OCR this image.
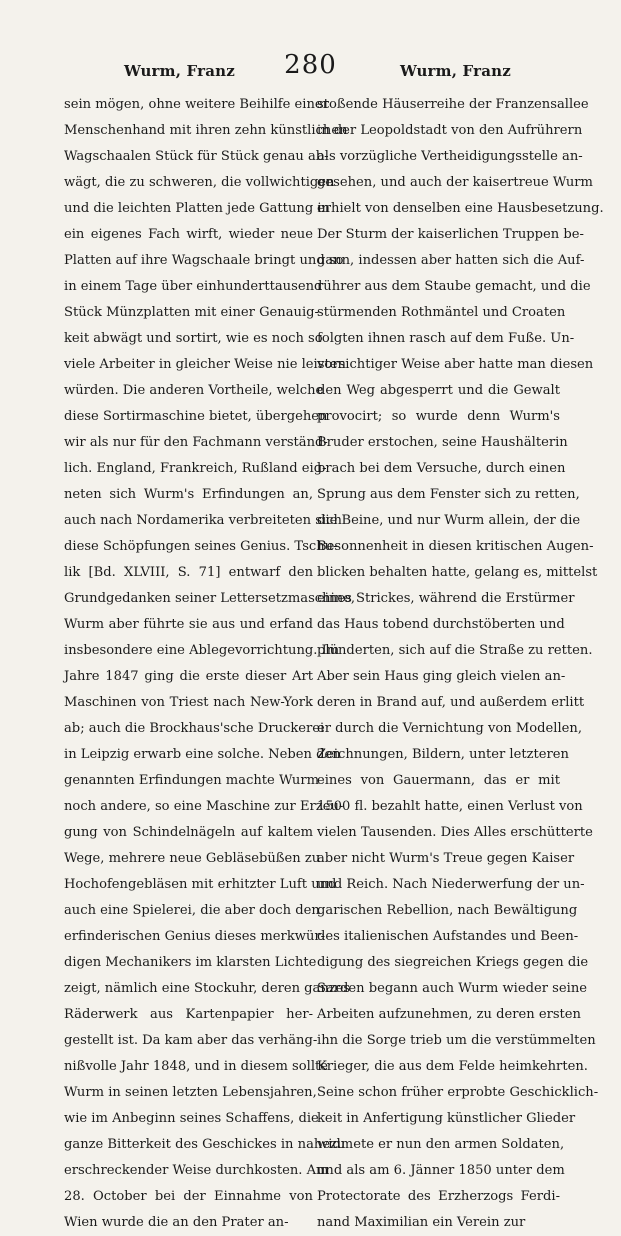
Wurm, Franz	280	Wurm, Franz
sein mögen, ohne weitere Beihilfe einer
Menschenhand mit ihren zehn künstlichen
Wagschaalen Stück für Stück genau ab-
wägt, die zu schweren, die vollwichtigen
und die leichten Platten jede Gattung in
ein eigenes Fach wirft, wieder neue
Platten auf ihre Wagschaale bringt und so
in einem Tage über einhunderttausend
Stück Münzplatten mit einer Genauig-
keit abwägt und sortirt, wie es noch so
viele Arbeiter in gleicher Weise nie leisten
würden. Die anderen Vortheile, welche
diese Sortirmaschine bietet, übergehen
wir als nur für den Fachmann verständ-
lich. England, Frankreich, Rußland eig-
neten sich Wurm's Erfindungen an,
auch nach Nordamerika verbreiteten sich
diese Schöpfungen seines Genius. Tschu-
lik [Bd. XLVIII, S. 71] entwarf den
Grundgedanken seiner Lettersetzmaschine,
Wurm aber führte sie aus und erfand
insbesondere eine Ablegevorrichtung. Im
Jahre 1847 ging die erste dieser Art
Maschinen von Triest nach New-York
ab; auch die Brockhaus'sche Druckerei
in Leipzig erwarb eine solche. Neben den
genannten Erfindungen machte Wurm
noch andere, so eine Maschine zur Erzeu-
gung von Schindelnägeln auf kaltem
Wege, mehrere neue Gebläsebüßen zu
Hochofengebläsen mit erhitzter Luft und
auch eine Spielerei, die aber doch den
erfinderischen Genius dieses merkwür-
digen Mechanikers im klarsten Lichte
zeigt, nämlich eine Stockuhr, deren ganzes
Räderwerk aus Kartenpapier her-
gestellt ist. Da kam aber das verhäng-
nißvolle Jahr 1848, und in diesem sollte
Wurm in seinen letzten Lebensjahren,
wie im Anbeginn seines Schaffens, die
ganze Bitterkeit des Geschickes in nahezu
erschreckender Weise durchkosten. Am
28. October bei der Einnahme von
Wien wurde die an den Prater an-
stoßende Häuserreihe der Franzensallee
in der Leopoldstadt von den Aufrührern
als vorzügliche Vertheidigungsstelle an-
gesehen, und auch der kaisertreue Wurm
erhielt von denselben eine Hausbesetzung.
Der Sturm der kaiserlichen Truppen be-
gann, indessen aber hatten sich die Auf-
rührer aus dem Staube gemacht, und die
stürmenden Rothmäntel und Croaten
folgten ihnen rasch auf dem Fuße. Un-
vorsichtiger Weise aber hatte man diesen
den Weg abgesperrt und die Gewalt
provocirt; so wurde denn Wurm's
Bruder erstochen, seine Haushälterin
brach bei dem Versuche, durch einen
Sprung aus dem Fenster sich zu retten,
die Beine, und nur Wurm allein, der die
Besonnenheit in diesen kritischen Augen-
blicken behalten hatte, gelang es, mittelst
eines Strickes, während die Erstürmer
das Haus tobend durchstöberten und
plünderten, sich auf die Straße zu retten.
Aber sein Haus ging gleich vielen an-
deren in Brand auf, und außerdem erlitt
er durch die Vernichtung von Modellen,
Zeichnungen, Bildern, unter letzteren
eines von Gauermann, das er mit
1500 fl. bezahlt hatte, einen Verlust von
vielen Tausenden. Dies Alles erschütterte
aber nicht Wurm's Treue gegen Kaiser
und Reich. Nach Niederwerfung der un-
garischen Rebellion, nach Bewältigung
des italienischen Aufstandes und Been-
digung des siegreichen Kriegs gegen die
Sarden begann auch Wurm wieder seine
Arbeiten aufzunehmen, zu deren ersten
ihn die Sorge trieb um die verstümmelten
Krieger, die aus dem Felde heimkehrten.
Seine schon früher erprobte Geschicklich-
keit in Anfertigung künstlicher Glieder
widmete er nun den armen Soldaten,
und als am 6. Jänner 1850 unter dem
Protectorate des Erzherzogs Ferdi-
nand Maximilian ein Verein zur
